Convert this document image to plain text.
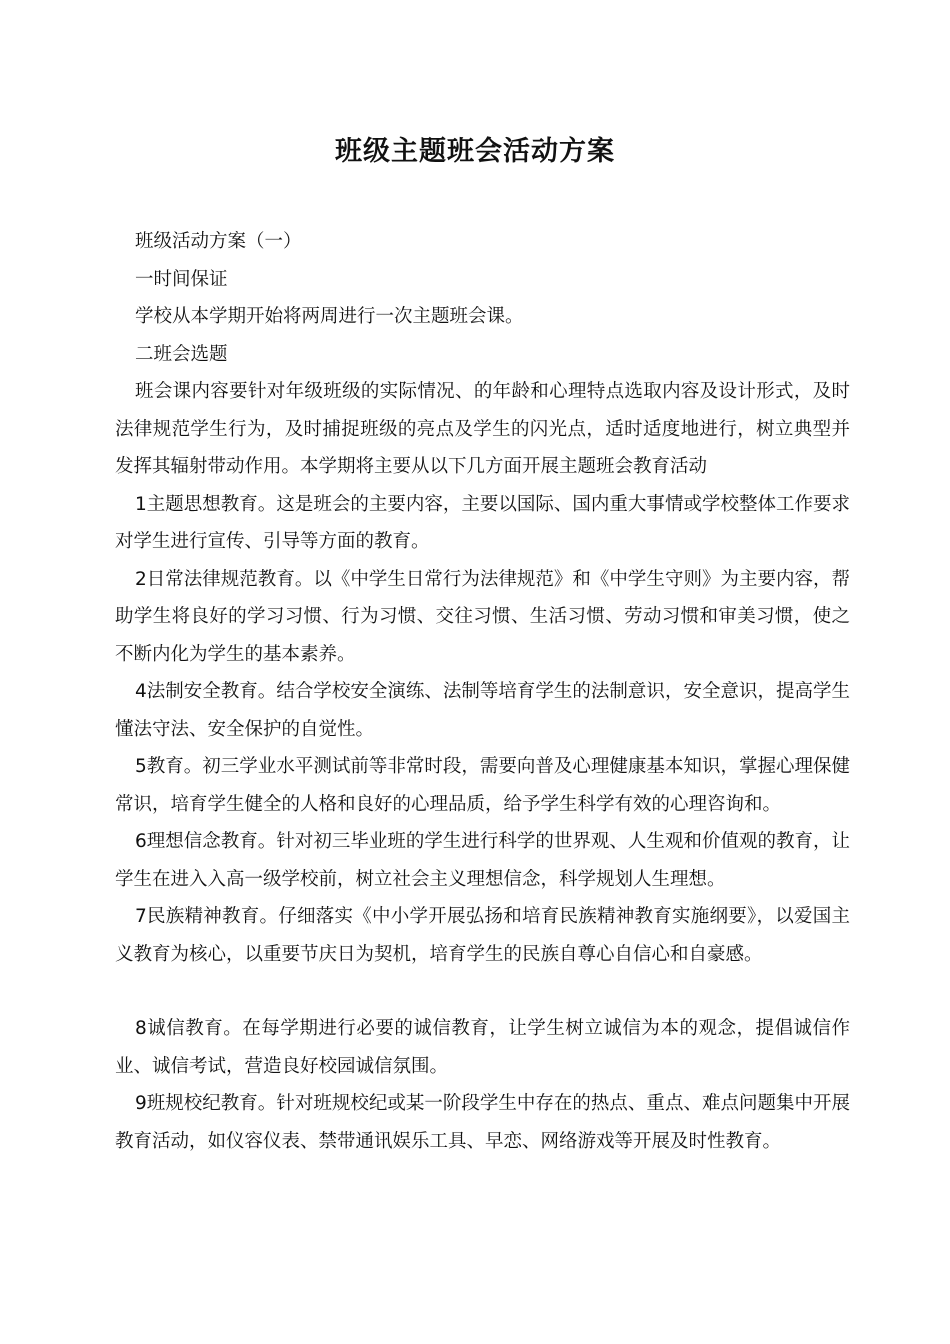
班级主题班会活动方案

班级活动方案（一）

一时间保证

学校从本学期开始将两周进行一次主题班会课。

二班会选题

班会课内容要针对年级班级的实际情况、的年龄和心理特点选取内容及设计形式，及时法律规范学生行为，及时捕捉班级的亮点及学生的闪光点，适时适度地进行，树立典型并发挥其辐射带动作用。本学期将主要从以下几方面开展主题班会教育活动

1主题思想教育。这是班会的主要内容，主要以国际、国内重大事情或学校整体工作要求对学生进行宣传、引导等方面的教育。

2日常法律规范教育。以《中学生日常行为法律规范》和《中学生守则》为主要内容，帮助学生将良好的学习习惯、行为习惯、交往习惯、生活习惯、劳动习惯和审美习惯，使之不断内化为学生的基本素养。

4法制安全教育。结合学校安全演练、法制等培育学生的法制意识，安全意识，提高学生懂法守法、安全保护的自觉性。

5教育。初三学业水平测试前等非常时段，需要向普及心理健康基本知识，掌握心理保健常识，培育学生健全的人格和良好的心理品质，给予学生科学有效的心理咨询和。

6理想信念教育。针对初三毕业班的学生进行科学的世界观、人生观和价值观的教育，让学生在进入入高一级学校前，树立社会主义理想信念，科学规划人生理想。

7民族精神教育。仔细落实《中小学开展弘扬和培育民族精神教育实施纲要》，以爱国主义教育为核心，以重要节庆日为契机，培育学生的民族自尊心自信心和自豪感。

8诚信教育。在每学期进行必要的诚信教育，让学生树立诚信为本的观念，提倡诚信作业、诚信考试，营造良好校园诚信氛围。

9班规校纪教育。针对班规校纪或某一阶段学生中存在的热点、重点、难点问题集中开展教育活动，如仪容仪表、禁带通讯娱乐工具、早恋、网络游戏等开展及时性教育。
